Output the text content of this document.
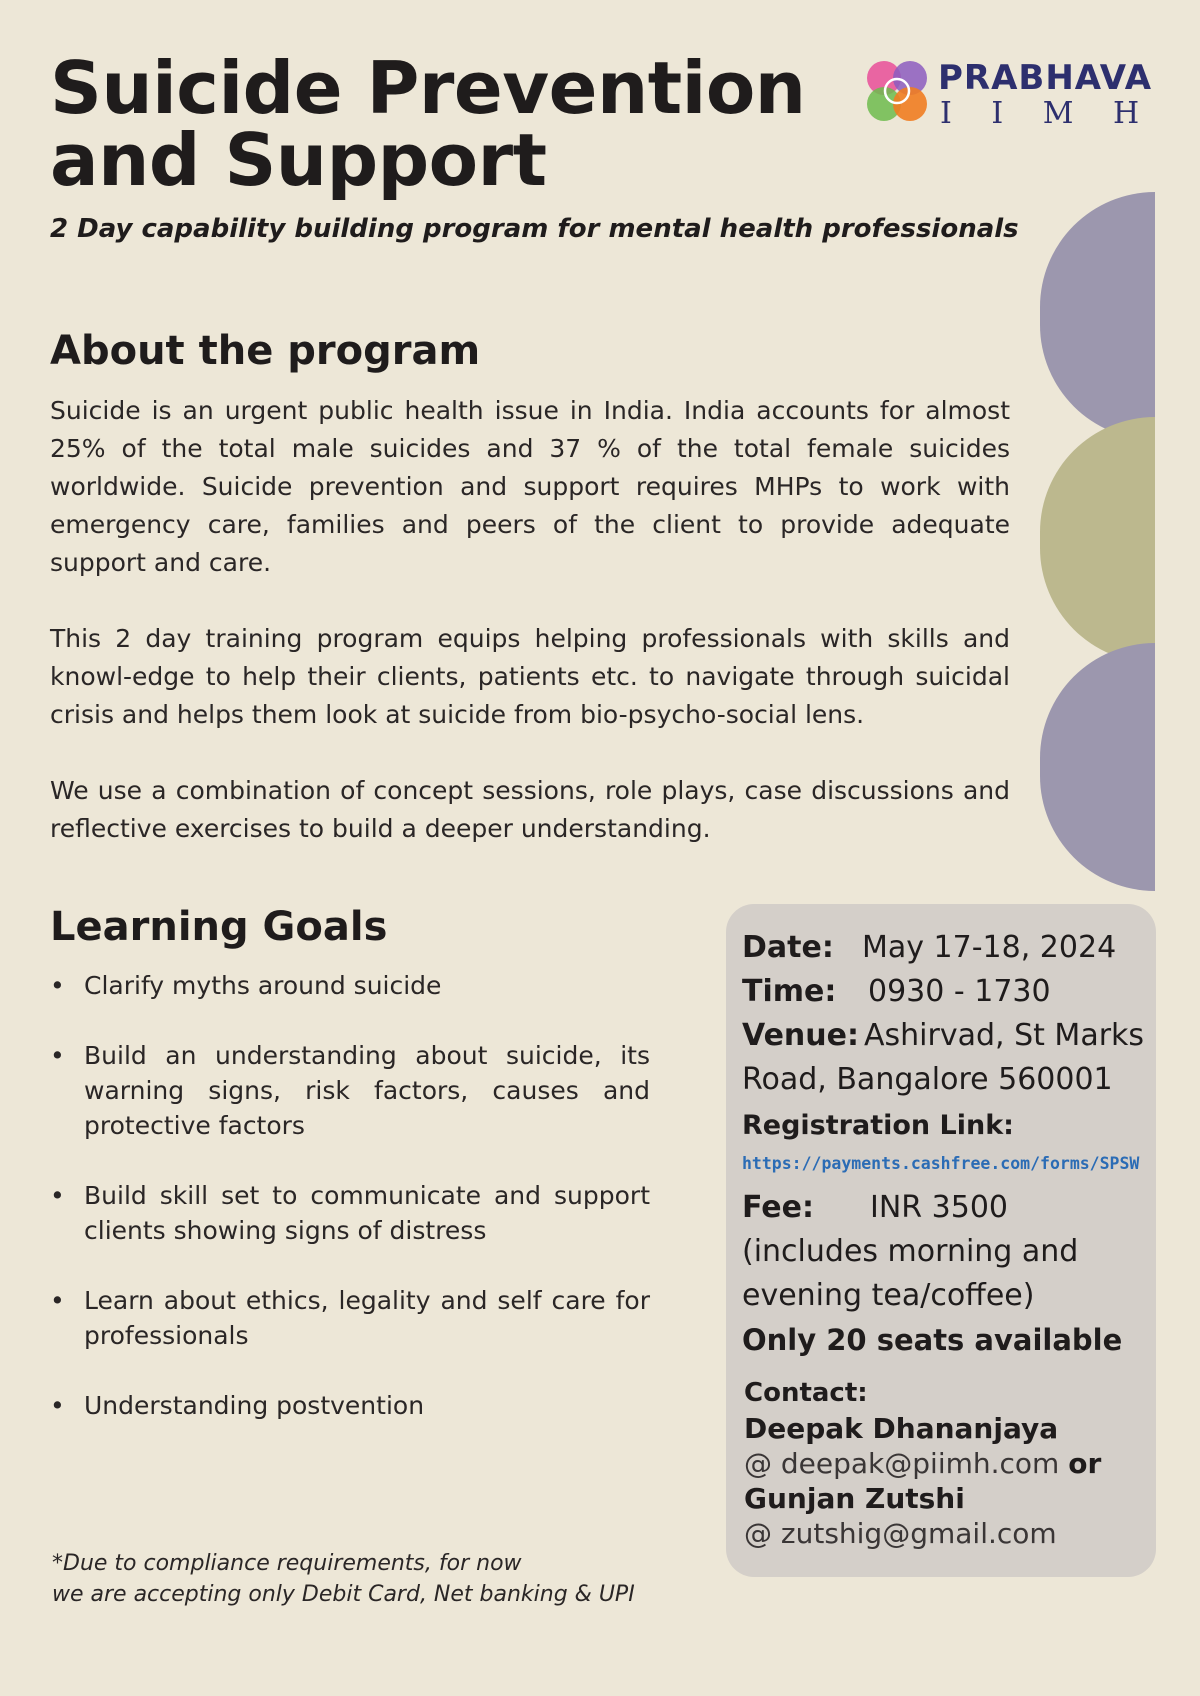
Suicide Prevention
and Support
2 Day capability building program for mental health professionals
PRABHAVA
I I M H
About the program

Suicide is an urgent public health issue in India. India accounts for almost 25% of the total male suicides and 37 % of the total female suicides worldwide. Suicide prevention and support requires MHPs to work with emergency care, families and peers of the client to provide adequate support and care.

This 2 day training program equips helping professionals with skills and knowl-edge to help their clients, patients etc. to navigate through suicidal crisis and helps them look at suicide from bio-psycho-social lens.

We use a combination of concept sessions, role plays, case discussions and reflective exercises to build a deeper understanding.

Learning Goals
• Clarify myths around suicide
• Build an understanding about suicide, its warning signs, risk factors, causes and protective factors
• Build skill set to communicate and support clients showing signs of distress
• Learn about ethics, legality and self care for professionals
• Understanding postvention
*Due to compliance requirements, for now
we are accepting only Debit Card, Net banking & UPI
Date: May 17-18, 2024
Time: 0930 - 1730
Venue: Ashirvad, St Marks
Road, Bangalore 560001
Registration Link:
https://payments.cashfree.com/forms/SPSW
Fee: INR 3500
(includes morning and
evening tea/coffee)
Only 20 seats available
Contact:
Deepak Dhananjaya
@ deepak@piimh.com or
Gunjan Zutshi
@ zutshig@gmail.com
